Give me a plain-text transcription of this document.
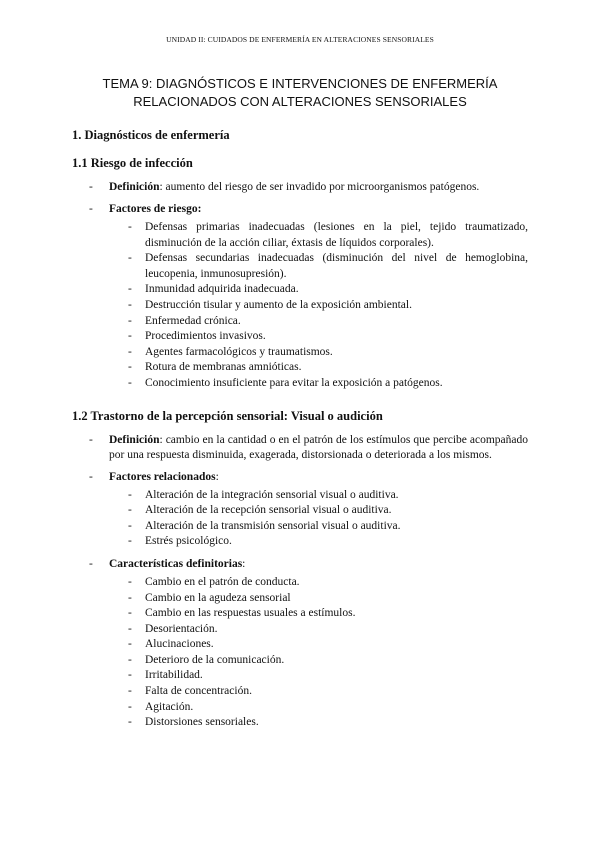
UNIDAD II: CUIDADOS DE ENFERMERÍA EN ALTERACIONES SENSORIALES
TEMA 9: DIAGNÓSTICOS E INTERVENCIONES DE ENFERMERÍA
RELACIONADOS CON ALTERACIONES SENSORIALES
1. Diagnósticos de enfermería
1.1 Riesgo de infección
- Definición: aumento del riesgo de ser invadido por microorganismos patógenos.
- Factores de riesgo:
- Defensas primarias inadecuadas (lesiones en la piel, tejido traumatizado, disminución de la acción ciliar, éxtasis de líquidos corporales).
- Defensas secundarias inadecuadas (disminución del nivel de hemoglobina, leucopenia, inmunosupresión).
- Inmunidad adquirida inadecuada.
- Destrucción tisular y aumento de la exposición ambiental.
- Enfermedad crónica.
- Procedimientos invasivos.
- Agentes farmacológicos y traumatismos.
- Rotura de membranas amnióticas.
- Conocimiento insuficiente para evitar la exposición a patógenos.
1.2 Trastorno de la percepción sensorial: Visual o audición
- Definición: cambio en la cantidad o en el patrón de los estímulos que percibe acompañado por una respuesta disminuida, exagerada, distorsionada o deteriorada a los mismos.
- Factores relacionados:
- Alteración de la integración sensorial visual o auditiva.
- Alteración de la recepción sensorial visual o auditiva.
- Alteración de la transmisión sensorial visual o auditiva.
- Estrés psicológico.
- Características definitorias:
- Cambio en el patrón de conducta.
- Cambio en la agudeza sensorial
- Cambio en las respuestas usuales a estímulos.
- Desorientación.
- Alucinaciones.
- Deterioro de la comunicación.
- Irritabilidad.
- Falta de concentración.
- Agitación.
- Distorsiones sensoriales.
